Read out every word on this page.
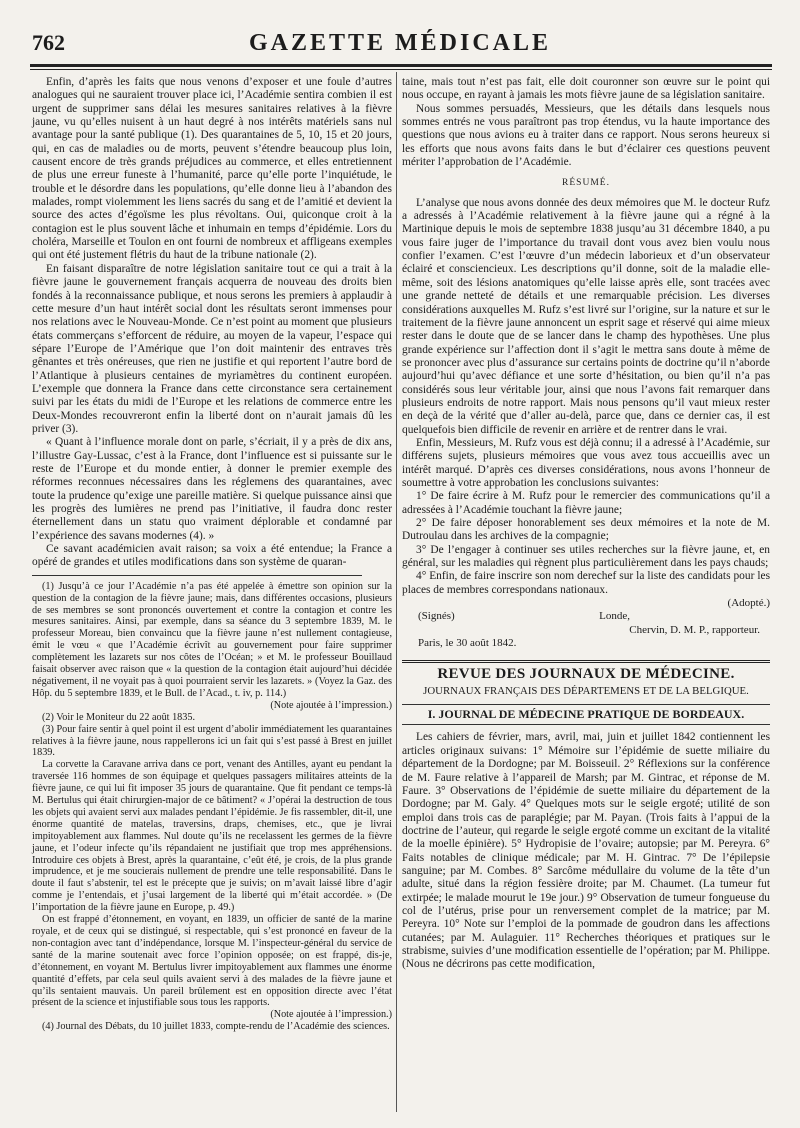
762	GAZETTE MÉDICALE

Enfin, d’après les faits que nous venons d’exposer et une foule d’autres analogues qui ne sauraient trouver place ici, l’Académie sentira combien il est urgent de supprimer sans délai les mesures sanitaires relatives à la fièvre jaune, vu qu’elles nuisent à un haut degré à nos intérêts matériels sans nul avantage pour la santé publique (1). Des quarantaines de 5, 10, 15 et 20 jours, qui, en cas de maladies ou de morts, peuvent s’étendre beaucoup plus loin, causent encore de très grands préjudices au commerce, et elles entretiennent de plus une erreur funeste à l’humanité, parce qu’elle porte l’inquiétude, le trouble et le désordre dans les populations, qu’elle donne lieu à l’abandon des malades, rompt violemment les liens sacrés du sang et de l’amitié et devient la source des actes d’égoïsme les plus révoltans. Oui, quiconque croit à la contagion est le plus souvent lâche et inhumain en temps d’épidémie. Lors du choléra, Marseille et Toulon en ont fourni de nombreux et affligeans exemples qui ont été justement flétris du haut de la tribune nationale (2).

En faisant disparaître de notre législation sanitaire tout ce qui a trait à la fièvre jaune le gouvernement français acquerra de nouveau des droits bien fondés à la reconnaissance publique, et nous serons les premiers à applaudir à cette mesure d’un haut intérêt social dont les résultats seront immenses pour nos relations avec le Nouveau-Monde. Ce n’est point au moment que plusieurs états commerçans s’efforcent de réduire, au moyen de la vapeur, l’espace qui sépare l’Europe de l’Amérique que l’on doit maintenir des entraves très gênantes et très onéreuses, que rien ne justifie et qui reportent l’autre bord de l’Atlantique à plusieurs centaines de myriamètres du continent européen. L’exemple que donnera la France dans cette circonstance sera certainement suivi par les états du midi de l’Europe et les relations de commerce entre les Deux-Mondes recouvreront enfin la liberté dont on n’aurait jamais dû les priver (3).

« Quant à l’influence morale dont on parle, s’écriait, il y a près de dix ans, l’illustre Gay-Lussac, c’est à la France, dont l’influence est si puissante sur le reste de l’Europe et du monde entier, à donner le premier exemple des réformes reconnues nécessaires dans les réglemens des quarantaines, avec toute la prudence qu’exige une pareille matière. Si quelque puissance ainsi que les progrès des lumières ne prend pas l’initiative, il faudra donc rester éternellement dans un statu quo vraiment déplorable et condamné par l’expérience des savans modernes (4). »

Ce savant académicien avait raison; sa voix a été entendue; la France a opéré de grandes et utiles modifications dans son système de quaran-

(1) Jusqu’à ce jour l’Académie n’a pas été appelée à émettre son opinion sur la question de la contagion de la fièvre jaune; mais, dans différentes occasions, plusieurs de ses membres se sont prononcés ouvertement et contre la contagion et contre les mesures sanitaires. Ainsi, par exemple, dans sa séance du 3 septembre 1839, M. le professeur Moreau, bien convaincu que la fièvre jaune n’est nullement contagieuse, émit le vœu « que l’Académie écrivît au gouvernement pour faire supprimer complètement les lazarets sur nos côtes de l’Océan; » et M. le professeur Bouillaud faisait observer avec raison que « la question de la contagion était aujourd’hui décidée négativement, il ne voyait pas à quoi pourraient servir les lazarets. » (Voyez la Gaz. des Hôp. du 5 septembre 1839, et le Bull. de l’Acad., t. iv, p. 114.)

(Note ajoutée à l’impression.)

(2) Voir le Moniteur du 22 août 1835.

(3) Pour faire sentir à quel point il est urgent d’abolir immédiatement les quarantaines relatives à la fièvre jaune, nous rappellerons ici un fait qui s’est passé à Brest en juillet 1839.

La corvette la Caravane arriva dans ce port, venant des Antilles, ayant eu pendant la traversée 116 hommes de son équipage et quelques passagers militaires atteints de la fièvre jaune, ce qui lui fit imposer 35 jours de quarantaine. Que fit pendant ce temps-là M. Bertulus qui était chirurgien-major de ce bâtiment? « J’opérai la destruction de tous les objets qui avaient servi aux malades pendant l’épidémie. Je fis rassembler, dit-il, une énorme quantité de matelas, traversins, draps, chemises, etc., que je livrai impitoyablement aux flammes. Nul doute qu’ils ne recelassent les germes de la fièvre jaune, et l’odeur infecte qu’ils répandaient ne justifiait que trop mes appréhensions. Introduire ces objets à Brest, après la quarantaine, c’eût été, je crois, de la plus grande imprudence, et je me soucierais nullement de prendre une telle responsabilité. Dans le doute il faut s’abstenir, tel est le précepte que je suivis; on m’avait laissé libre d’agir comme je l’entendais, et j’usai largement de la liberté qui m’était accordée. » (De l’importation de la fièvre jaune en Europe, p. 49.)

On est frappé d’étonnement, en voyant, en 1839, un officier de santé de la marine royale, et de ceux qui se distingué, si respectable, qui s’est prononcé en faveur de la non-contagion avec tant d’indépendance, lorsque M. l’inspecteur-général du service de santé de la marine soutenait avec force l’opinion opposée; on est frappé, dis-je, d’étonnement, en voyant M. Bertulus livrer impitoyablement aux flammes une énorme quantité d’effets, par cela seul quils avaient servi à des malades de la fièvre jaune et qu’ils sentaient mauvais. Un pareil brûlement est en opposition directe avec l’état présent de la science et injustifiable sous tous les rapports.

(Note ajoutée à l’impression.)

(4) Journal des Débats, du 10 juillet 1833, compte-rendu de l’Académie des sciences.

taine, mais tout n’est pas fait, elle doit couronner son œuvre sur le point qui nous occupe, en rayant à jamais les mots fièvre jaune de sa législation sanitaire.

Nous sommes persuadés, Messieurs, que les détails dans lesquels nous sommes entrés ne vous paraîtront pas trop étendus, vu la haute importance des questions que nous avions eu à traiter dans ce rapport. Nous serons heureux si les efforts que nous avons faits dans le but d’éclairer ces questions peuvent mériter l’approbation de l’Académie.

RÉSUMÉ.

L’analyse que nous avons donnée des deux mémoires que M. le docteur Rufz a adressés à l’Académie relativement à la fièvre jaune qui a régné à la Martinique depuis le mois de septembre 1838 jusqu’au 31 décembre 1840, a pu vous faire juger de l’importance du travail dont vous avez bien voulu nous confier l’examen. C’est l’œuvre d’un médecin laborieux et d’un observateur éclairé et consciencieux. Les descriptions qu’il donne, soit de la maladie elle-même, soit des lésions anatomiques qu’elle laisse après elle, sont tracées avec une grande netteté de détails et une remarquable précision. Les diverses considérations auxquelles M. Rufz s’est livré sur l’origine, sur la nature et sur le traitement de la fièvre jaune annoncent un esprit sage et réservé qui aime mieux rester dans le doute que de se lancer dans le champ des hypothèses. Une plus grande expérience sur l’affection dont il s’agit le mettra sans doute à même de se prononcer avec plus d’assurance sur certains points de doctrine qu’il n’aborde aujourd’hui qu’avec défiance et une sorte d’hésitation, ou bien qu’il n’a pas considérés sous leur véritable jour, ainsi que nous l’avons fait remarquer dans plusieurs endroits de notre rapport. Mais nous pensons qu’il vaut mieux rester en deçà de la vérité que d’aller au-delà, parce que, dans ce dernier cas, il est quelquefois bien difficile de revenir en arrière et de rentrer dans le vrai.

Enfin, Messieurs, M. Rufz vous est déjà connu; il a adressé à l’Académie, sur différens sujets, plusieurs mémoires que vous avez tous accueillis avec un intérêt marqué. D’après ces diverses considérations, nous avons l’honneur de soumettre à votre approbation les conclusions suivantes:

1° De faire écrire à M. Rufz pour le remercier des communications qu’il a adressées à l’Académie touchant la fièvre jaune;

2° De faire déposer honorablement ses deux mémoires et la note de M. Dutroulau dans les archives de la compagnie;

3° De l’engager à continuer ses utiles recherches sur la fièvre jaune, et, en général, sur les maladies qui règnent plus particulièrement dans les pays chauds;

4° Enfin, de faire inscrire son nom derechef sur la liste des candidats pour les places de membres correspondans nationaux.

(Adopté.)
(Signés)	Londe,
Chervin, D. M. P., rapporteur.
Paris, le 30 août 1842.
REVUE DES JOURNAUX DE MÉDECINE.
JOURNAUX FRANÇAIS DES DÉPARTEMENS ET DE LA BELGIQUE.
I. JOURNAL DE MÉDECINE PRATIQUE DE BORDEAUX.

Les cahiers de février, mars, avril, mai, juin et juillet 1842 contiennent les articles originaux suivans: 1° Mémoire sur l’épidémie de suette miliaire du département de la Dordogne; par M. Boisseuil. 2° Réflexions sur la conférence de M. Faure relative à l’appareil de Marsh; par M. Gintrac, et réponse de M. Faure. 3° Observations de l’épidémie de suette miliaire du département de la Dordogne; par M. Galy. 4° Quelques mots sur le seigle ergoté; utilité de son emploi dans trois cas de paraplégie; par M. Payan. (Trois faits à l’appui de la doctrine de l’auteur, qui regarde le seigle ergoté comme un excitant de la vitalité de la moelle épinière). 5° Hydropisie de l’ovaire; autopsie; par M. Pereyra. 6° Faits notables de clinique médicale; par M. H. Gintrac. 7° De l’épilepsie sanguine; par M. Combes. 8° Sarcôme médullaire du volume de la tête d’un adulte, situé dans la région fessière droite; par M. Chaumet. (La tumeur fut extirpée; le malade mourut le 19e jour.) 9° Observation de tumeur fongueuse du col de l’utérus, prise pour un renversement complet de la matrice; par M. Pereyra. 10° Note sur l’emploi de la pommade de goudron dans les affections cutanées; par M. Aulaguier. 11° Recherches théoriques et pratiques sur le strabisme, suivies d’une modification essentielle de l’opération; par M. Philippe. (Nous ne décrirons pas cette modification,
